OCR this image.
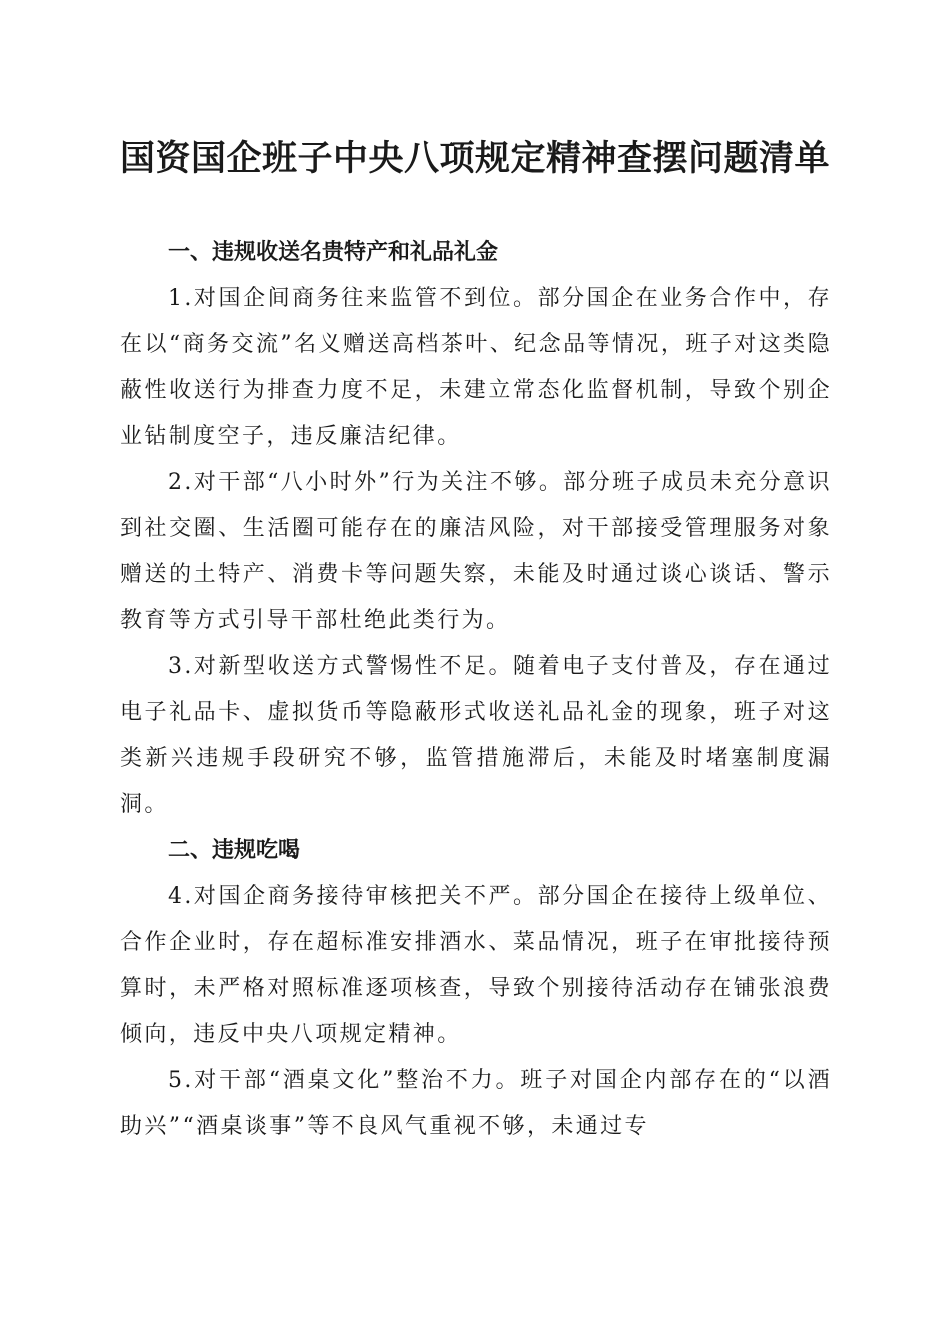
国资国企班子中央八项规定精神查摆问题清单

一、违规收送名贵特产和礼品礼金

1.对国企间商务往来监管不到位。部分国企在业务合作中，存在以“商务交流”名义赠送高档茶叶、纪念品等情况，班子对这类隐蔽性收送行为排查力度不足，未建立常态化监督机制，导致个别企业钻制度空子，违反廉洁纪律。

2.对干部“八小时外”行为关注不够。部分班子成员未充分意识到社交圈、生活圈可能存在的廉洁风险，对干部接受管理服务对象赠送的土特产、消费卡等问题失察，未能及时通过谈心谈话、警示教育等方式引导干部杜绝此类行为。

3.对新型收送方式警惕性不足。随着电子支付普及，存在通过电子礼品卡、虚拟货币等隐蔽形式收送礼品礼金的现象，班子对这类新兴违规手段研究不够，监管措施滞后，未能及时堵塞制度漏洞。

二、违规吃喝

4.对国企商务接待审核把关不严。部分国企在接待上级单位、合作企业时，存在超标准安排酒水、菜品情况，班子在审批接待预算时，未严格对照标准逐项核查，导致个别接待活动存在铺张浪费倾向，违反中央八项规定精神。

5.对干部“酒桌文化”整治不力。班子对国企内部存在的“以酒助兴”“酒桌谈事”等不良风气重视不够，未通过专
